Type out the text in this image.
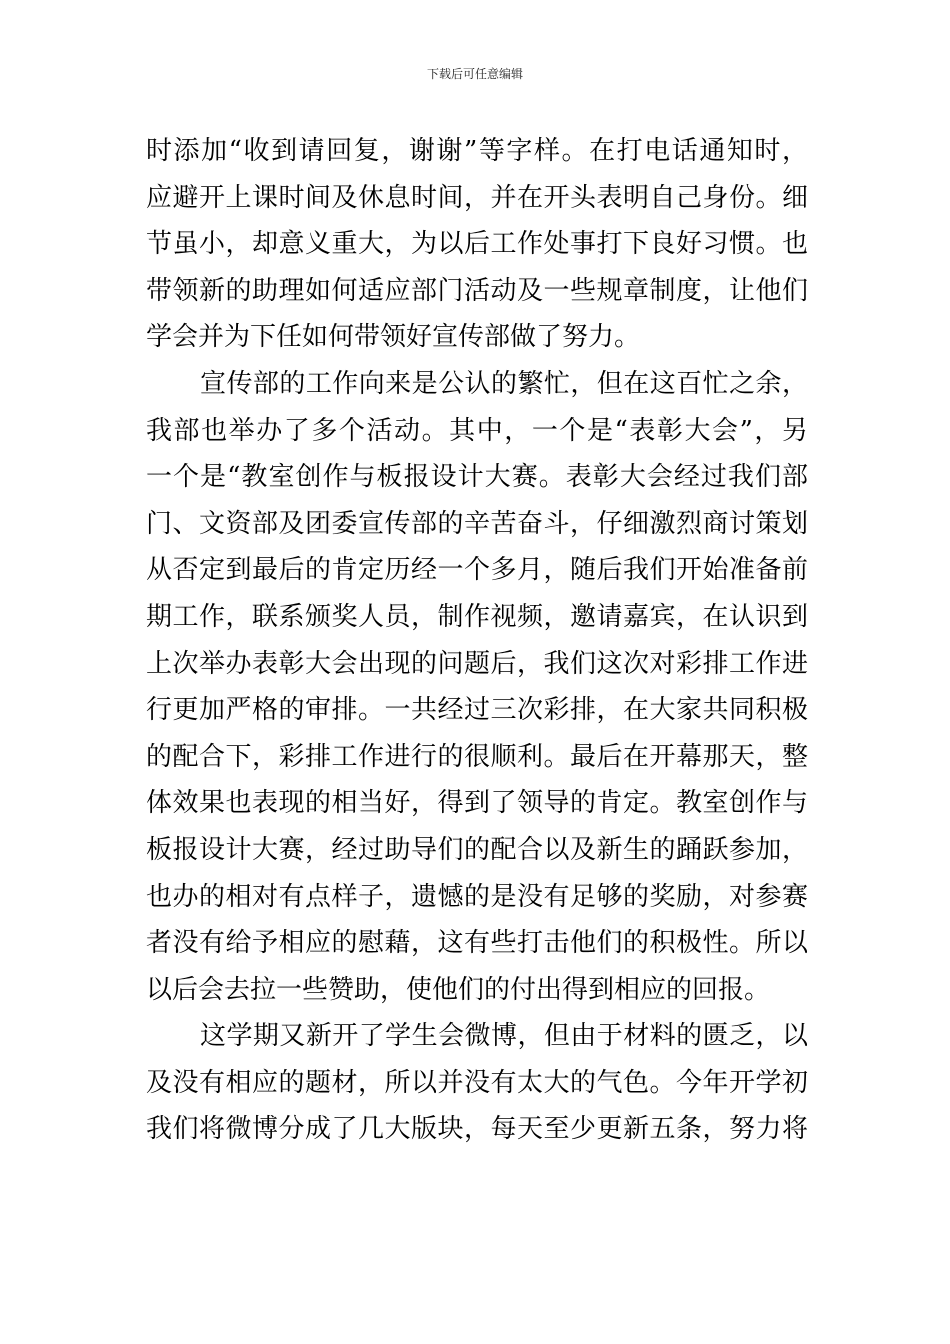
下载后可任意编辑
时添加“收到请回复，谢谢”等字样。在打电话通知时，
应避开上课时间及休息时间，并在开头表明自己身份。细
节虽小，却意义重大，为以后工作处事打下良好习惯。也
带领新的助理如何适应部门活动及一些规章制度，让他们
学会并为下任如何带领好宣传部做了努力。
宣传部的工作向来是公认的繁忙，但在这百忙之余，
我部也举办了多个活动。其中，一个是“表彰大会”，另
一个是“教室创作与板报设计大赛。表彰大会经过我们部
门、文资部及团委宣传部的辛苦奋斗，仔细激烈商讨策划
从否定到最后的肯定历经一个多月，随后我们开始准备前
期工作，联系颁奖人员，制作视频，邀请嘉宾，在认识到
上次举办表彰大会出现的问题后，我们这次对彩排工作进
行更加严格的审排。一共经过三次彩排，在大家共同积极
的配合下，彩排工作进行的很顺利。最后在开幕那天，整
体效果也表现的相当好，得到了领导的肯定。教室创作与
板报设计大赛，经过助导们的配合以及新生的踊跃参加，
也办的相对有点样子，遗憾的是没有足够的奖励，对参赛
者没有给予相应的慰藉，这有些打击他们的积极性。所以
以后会去拉一些赞助，使他们的付出得到相应的回报。
这学期又新开了学生会微博，但由于材料的匮乏，以
及没有相应的题材，所以并没有太大的气色。今年开学初
我们将微博分成了几大版块，每天至少更新五条，努力将
